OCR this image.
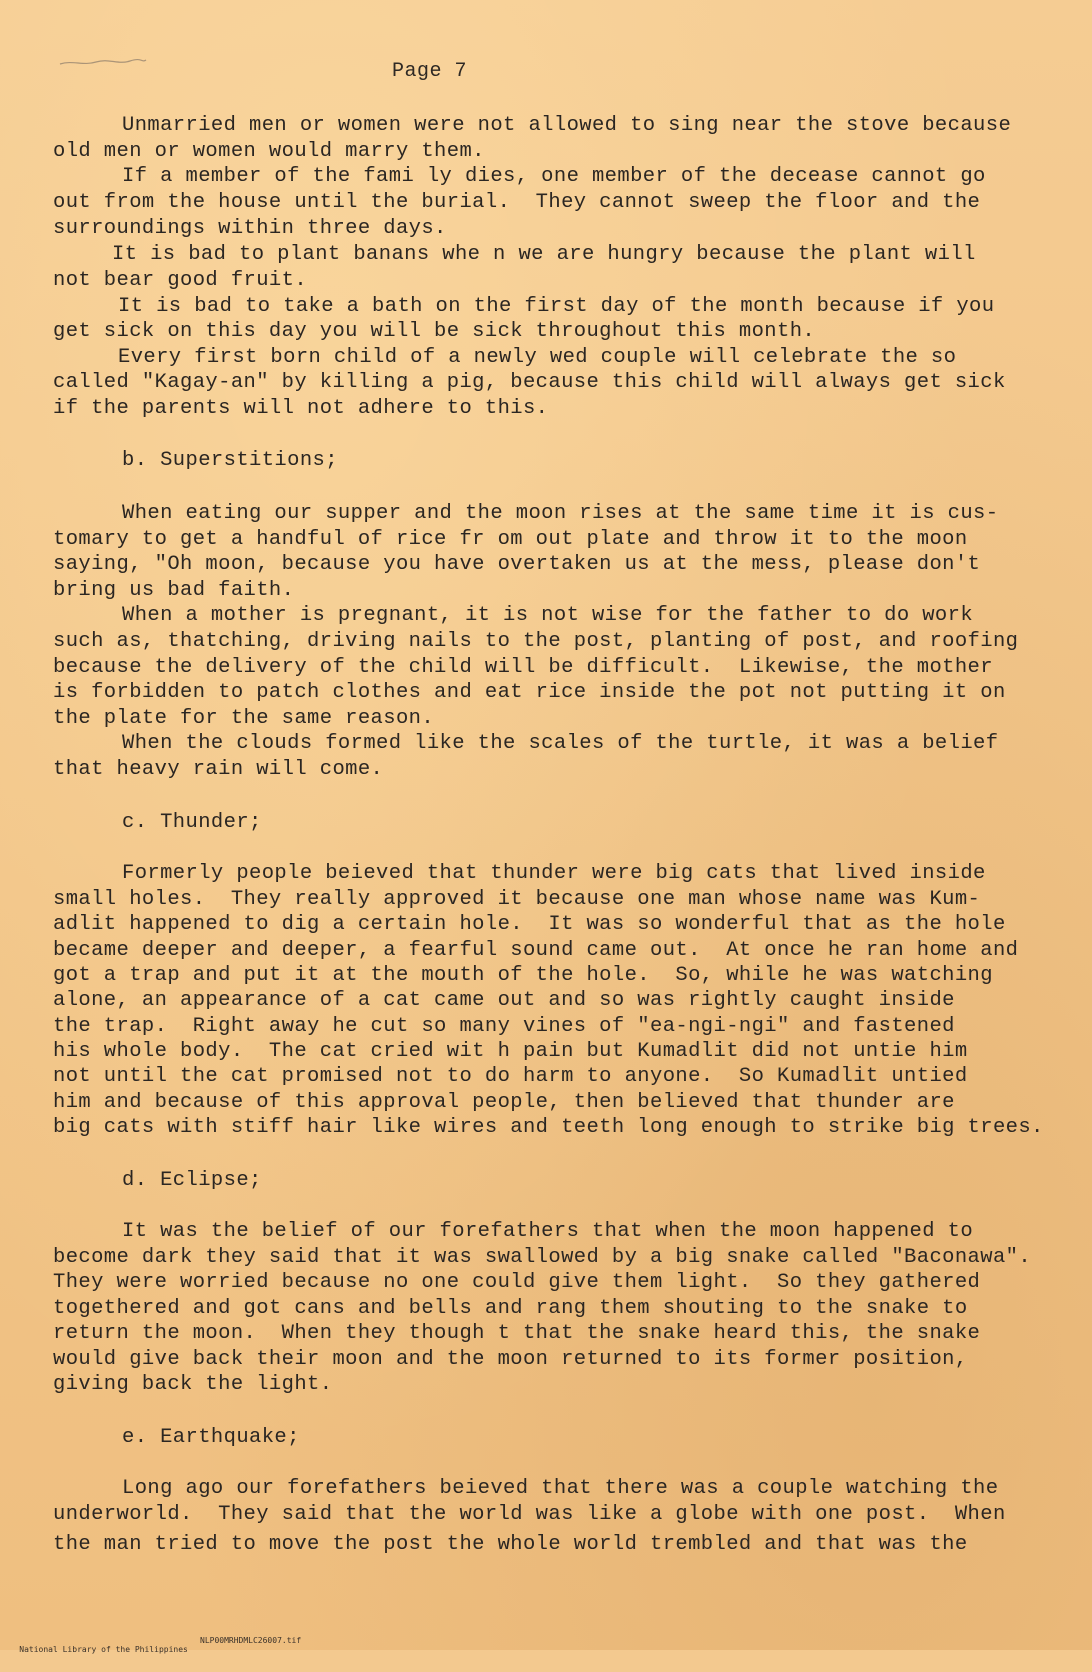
Page 7
Unmarried men or women were not allowed to sing near the stove because
old men or women would marry them.
If a member of the fami ly dies, one member of the decease cannot go
out from the house until the burial.  They cannot sweep the floor and the
surroundings within three days.
It is bad to plant banans whe n we are hungry because the plant will
not bear good fruit.
It is bad to take a bath on the first day of the month because if you
get sick on this day you will be sick throughout this month.
Every first born child of a newly wed couple will celebrate the so
called "Kagay-an" by killing a pig, because this child will always get sick
if the parents will not adhere to this.
b. Superstitions;
When eating our supper and the moon rises at the same time it is cus-
tomary to get a handful of rice fr om out plate and throw it to the moon
saying, "Oh moon, because you have overtaken us at the mess, please don't
bring us bad faith.
When a mother is pregnant, it is not wise for the father to do work
such as, thatching, driving nails to the post, planting of post, and roofing
because the delivery of the child will be difficult.  Likewise, the mother
is forbidden to patch clothes and eat rice inside the pot not putting it on
the plate for the same reason.
When the clouds formed like the scales of the turtle, it was a belief
that heavy rain will come.
c. Thunder;
Formerly people beieved that thunder were big cats that lived inside
small holes.  They really approved it because one man whose name was Kum-
adlit happened to dig a certain hole.  It was so wonderful that as the hole
became deeper and deeper, a fearful sound came out.  At once he ran home and
got a trap and put it at the mouth of the hole.  So, while he was watching
alone, an appearance of a cat came out and so was rightly caught inside
the trap.  Right away he cut so many vines of "ea-ngi-ngi" and fastened
his whole body.  The cat cried wit h pain but Kumadlit did not untie him
not until the cat promised not to do harm to anyone.  So Kumadlit untied
him and because of this approval people, then believed that thunder are
big cats with stiff hair like wires and teeth long enough to strike big trees.
d. Eclipse;
It was the belief of our forefathers that when the moon happened to
become dark they said that it was swallowed by a big snake called "Baconawa".
They were worried because no one could give them light.  So they gathered
togethered and got cans and bells and rang them shouting to the snake to
return the moon.  When they though t that the snake heard this, the snake
would give back their moon and the moon returned to its former position,
giving back the light.
e. Earthquake;
Long ago our forefathers beieved that there was a couple watching the
underworld.  They said that the world was like a globe with one post.  When
the man tried to move the post the whole world trembled and that was the

National Library of the Philippines

NLP00MRHDMLC26007.tif
